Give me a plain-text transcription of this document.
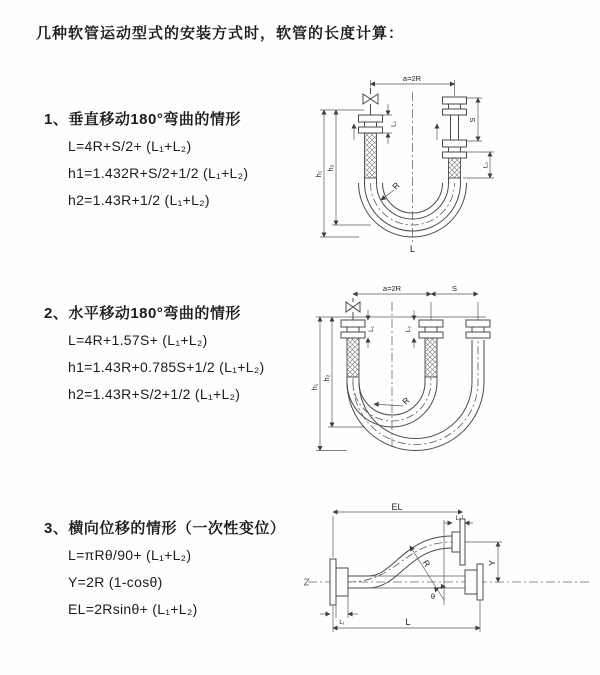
几种软管运动型式的安装方式时，软管的长度计算：
1、垂直移动180°弯曲的情形
L=4R+S/2+ (L₁+L₂)
h1=1.432R+S/2+1/2 (L₁+L₂)
h2=1.43R+1/2 (L₁+L₂)
2、水平移动180°弯曲的情形
L=4R+1.57S+ (L₁+L₂)
h1=1.43R+0.785S+1/2 (L₁+L₂)
h2=1.43R+S/2+1/2 (L₁+L₂)
3、横向位移的情形（一次性变位）
L=πRθ/90+ (L₁+L₂)
Y=2R (1-cosθ)
EL=2Rsinθ+ (L₁+L₂)
a=2R
h₁
h₂
L₁
S
L₂
R
L
a=2R	S
h₁
h₂
L₁	L₂
R
θ
R
EL
L₂
Y
L
L₁
